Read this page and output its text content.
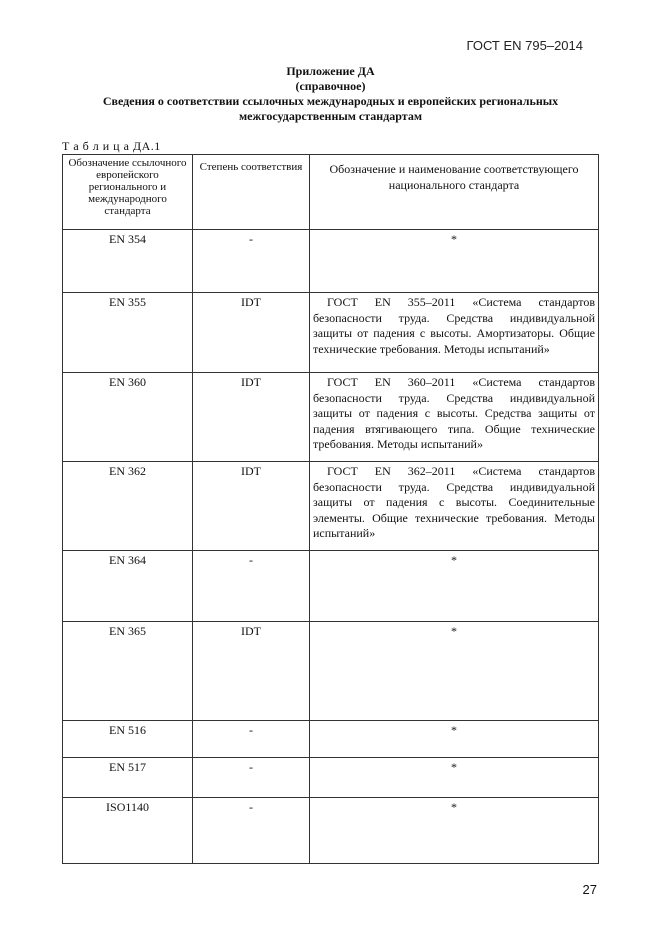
ГОСТ EN 795–2014
Приложение ДА
(справочное)
Сведения о соответствии ссылочных международных и европейских региональных
межгосударственным стандартам
Т а б л и ц а ДА.1
Обозначение ссылочного европейского регионального и международного стандарта	Степень соответствия	Обозначение и наименование соответствующего национального стандарта
EN 354	-	*
EN 355	IDT	ГОСТ EN 355–2011 «Система стандартов безопасности труда. Средства индивидуальной защиты от падения с высоты. Амортизаторы. Общие технические требования. Методы испытаний»
EN 360	IDT	ГОСТ EN 360–2011 «Система стандартов безопасности труда. Средства индивидуальной защиты от падения с высоты. Средства защиты от падения втягивающего типа. Общие технические требования. Методы испытаний»
EN 362	IDT	ГОСТ EN 362–2011 «Система стандартов безопасности труда. Средства индивидуальной защиты от падения с высоты. Соединительные элементы. Общие технические требования. Методы испытаний»
EN 364	-	*
EN 365	IDT	*
EN 516	-	*
EN 517	-	*
ISO1140	-	*
27
